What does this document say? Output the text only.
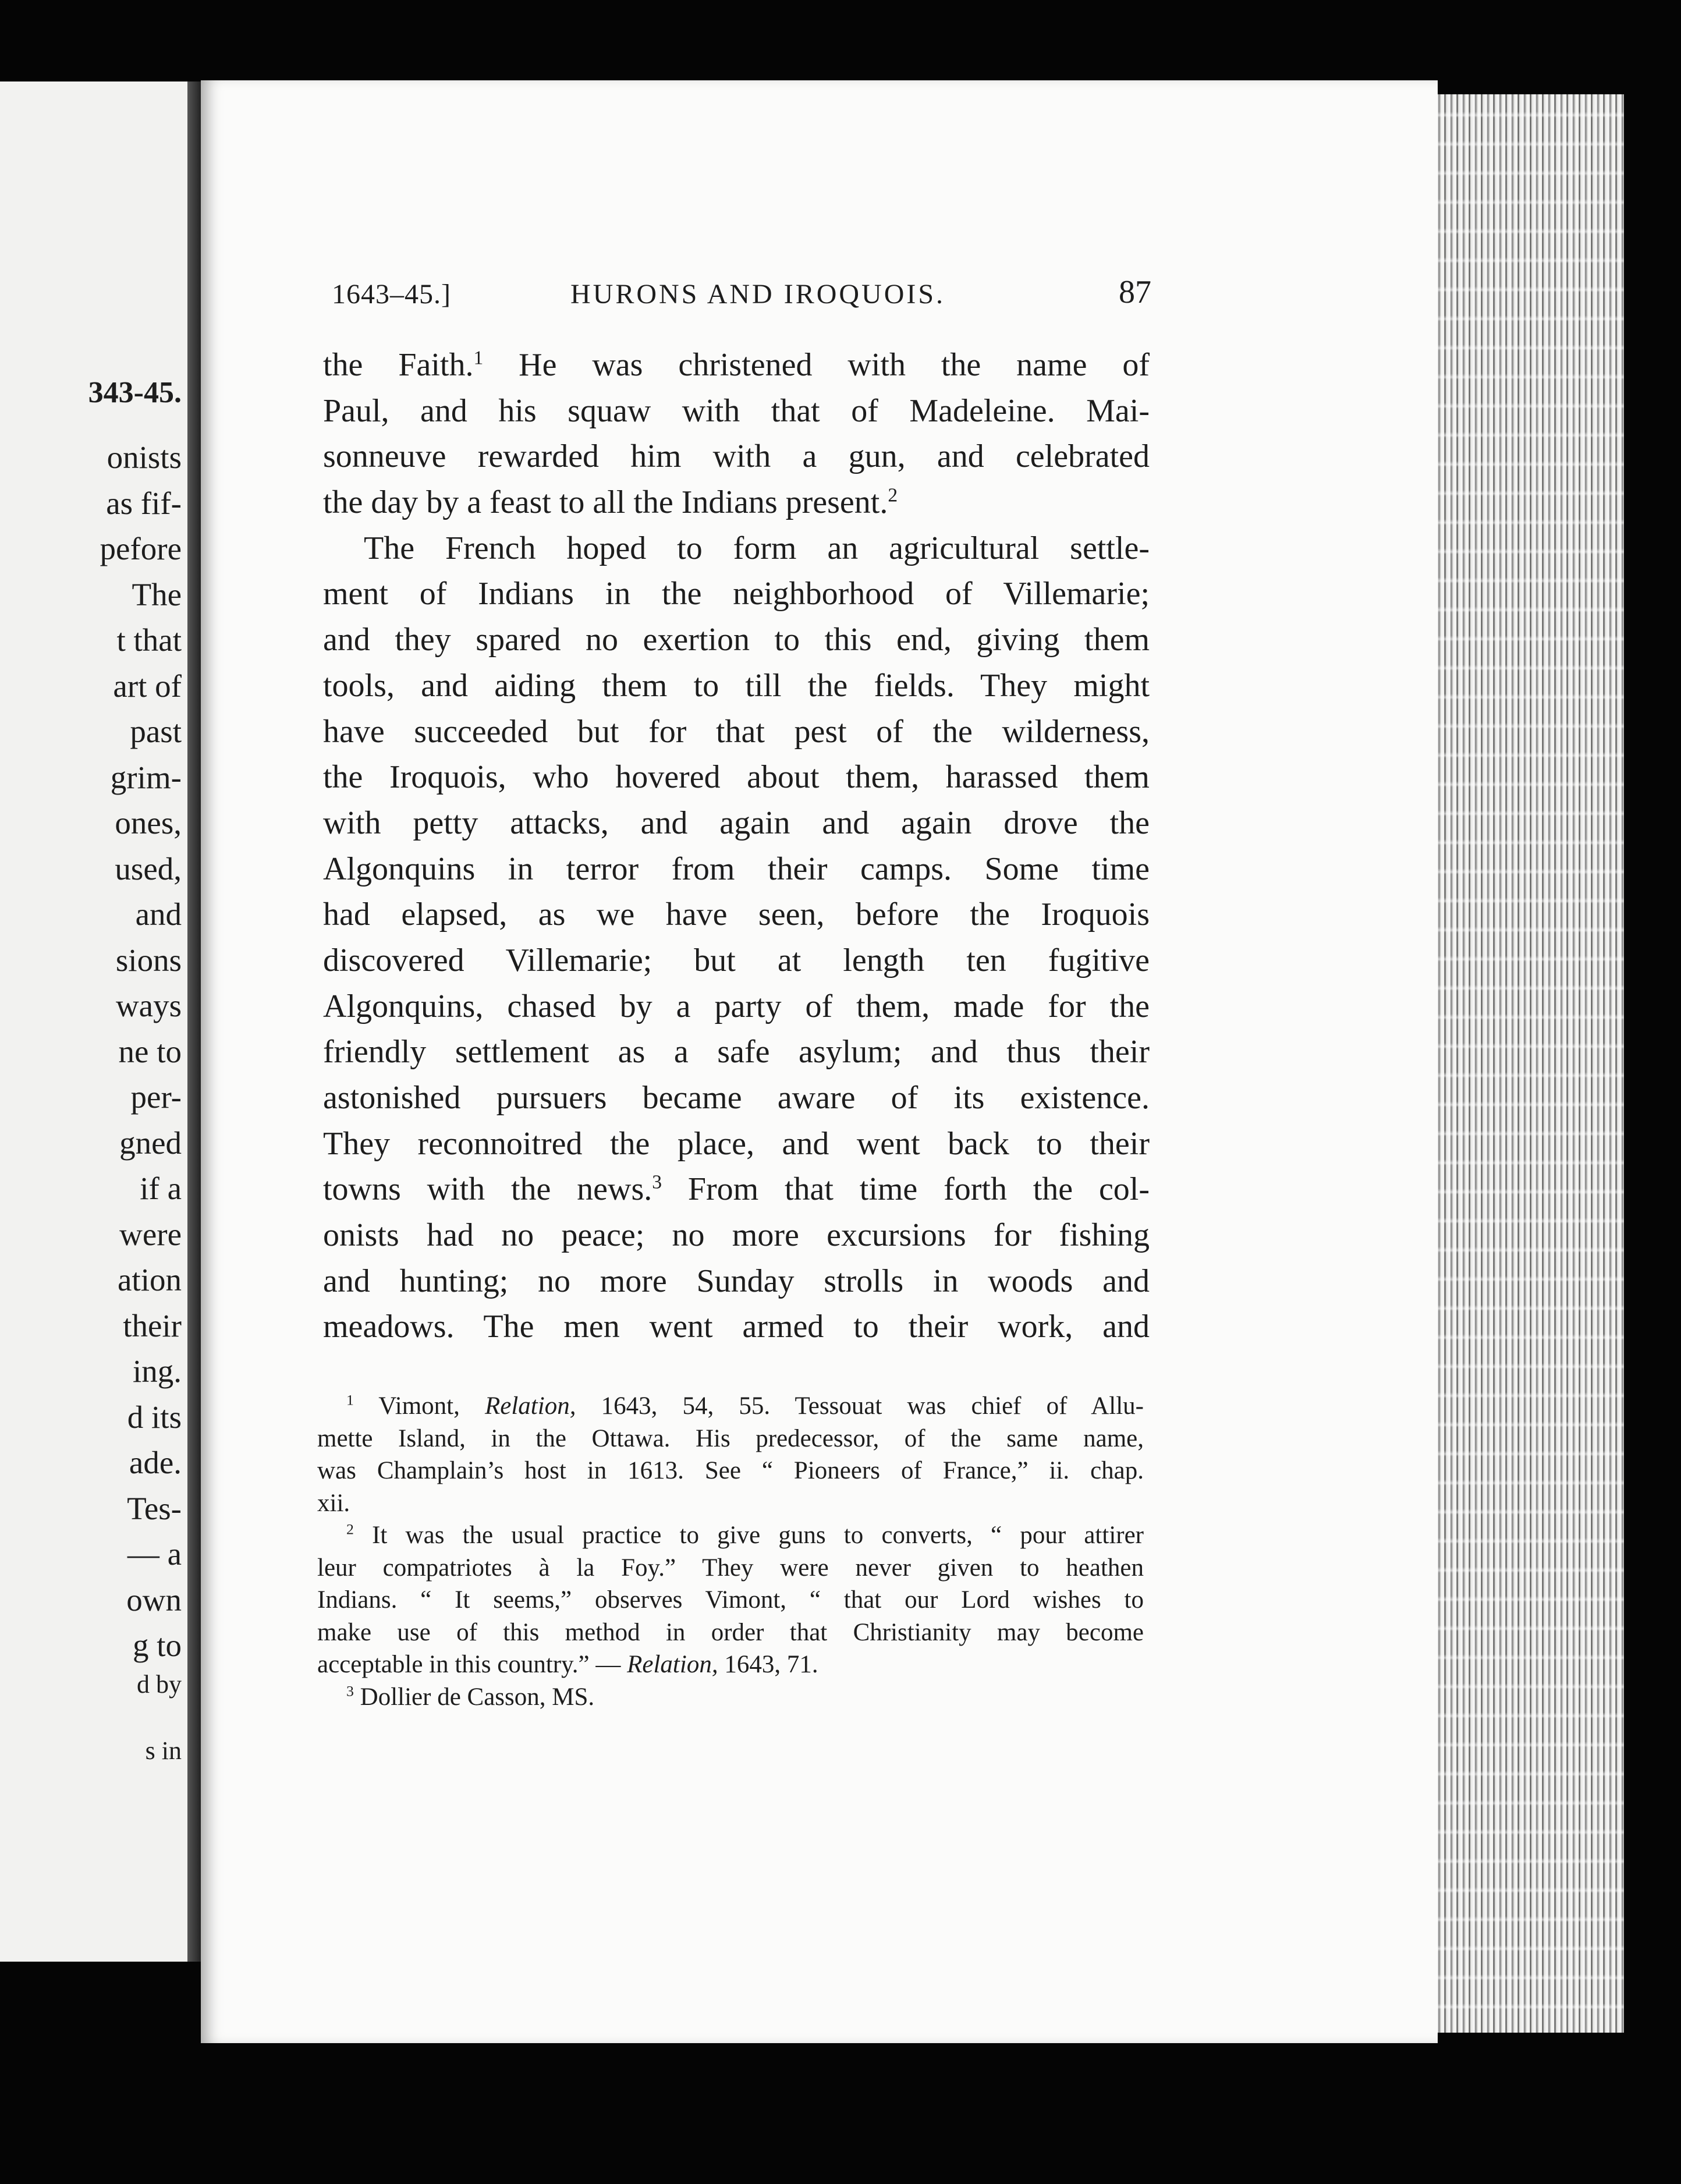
343-45.
onists
as fif-
pefore
The
t that
art of
past
grim-
ones,
used,
and
sions
ways
ne to
per-
gned
if a
were
ation
their
ing.
d its
ade.
Tes-
— a
own
g to
d by
s in
1643–45.]	HURONS AND IROQUOIS.	87
the Faith.$^1$ He was christened with the name of
Paul, and his squaw with that of Madeleine. Mai-
sonneuve rewarded him with a gun, and celebrated
the day by a feast to all the Indians present.$^2$
The French hoped to form an agricultural settle-
ment of Indians in the neighborhood of Villemarie;
and they spared no exertion to this end, giving them
tools, and aiding them to till the fields. They might
have succeeded but for that pest of the wilderness,
the Iroquois, who hovered about them, harassed them
with petty attacks, and again and again drove the
Algonquins in terror from their camps. Some time
had elapsed, as we have seen, before the Iroquois
discovered Villemarie; but at length ten fugitive
Algonquins, chased by a party of them, made for the
friendly settlement as a safe asylum; and thus their
astonished pursuers became aware of its existence.
They reconnoitred the place, and went back to their
towns with the news.$^3$ From that time forth the col-
onists had no peace; no more excursions for fishing
and hunting; no more Sunday strolls in woods and
meadows. The men went armed to their work, and
$^1$ Vimont, Relation, 1643, 54, 55. Tessouat was chief of Allu-
mette Island, in the Ottawa. His predecessor, of the same name,
was Champlain’s host in 1613. See “ Pioneers of France,” ii. chap.
xii.
$^2$ It was the usual practice to give guns to converts, “ pour attirer
leur compatriotes à la Foy.” They were never given to heathen
Indians. “ It seems,” observes Vimont, “ that our Lord wishes to
make use of this method in order that Christianity may become
acceptable in this country.” — Relation, 1643, 71.
$^3$ Dollier de Casson, MS.
